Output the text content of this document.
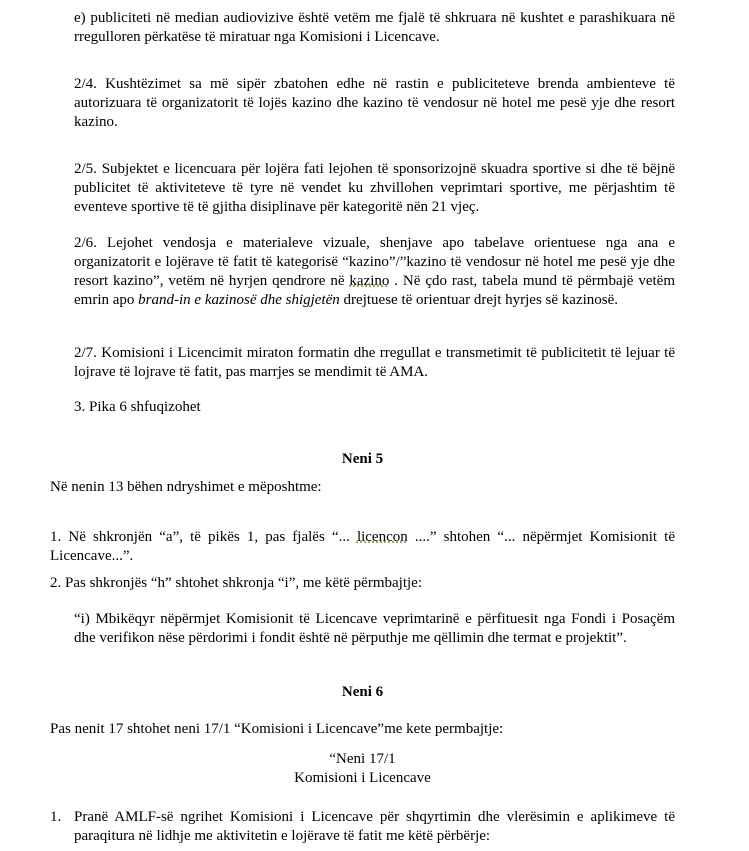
e) publiciteti në median audiovizive është vetëm me fjalë të shkruara në kushtet e parashikuara në rregulloren përkatëse të miratuar nga Komisioni i Licencave.

2/4. Kushtëzimet sa më sipër zbatohen edhe në rastin e publiciteteve brenda ambienteve të autorizuara të organizatorit të lojës kazino dhe kazino të vendosur në hotel me pesë yje dhe resort kazino.

2/5. Subjektet e licencuara për lojëra fati lejohen të sponsorizojnë skuadra sportive si dhe të bëjnë publicitet të aktiviteteve të tyre në vendet ku zhvillohen veprimtari sportive, me përjashtim të eventeve sportive të të gjitha disiplinave për kategoritë nën 21 vjeç.

2/6. Lejohet vendosja e materialeve vizuale, shenjave apo tabelave orientuese nga ana e organizatorit e lojërave të fatit të kategorisë “kazino”/”kazino të vendosur në hotel me pesë yje dhe resort kazino”, vetëm në hyrjen qendrore në kazino . Në çdo rast, tabela mund të përmbajë vetëm emrin apo brand-in e kazinosë dhe shigjetën drejtuese të orientuar drejt hyrjes së kazinosë.

2/7. Komisioni i Licencimit miraton formatin dhe rregullat e transmetimit të publicitetit të lejuar të lojrave të lojrave të fatit, pas marrjes se mendimit të AMA.

3. Pika 6 shfuqizohet

Neni 5

Në nenin 13 bëhen ndryshimet e mëposhtme:

1. Në shkronjën “a”, të pikës 1, pas fjalës “... licencon ....” shtohen “... nëpërmjet Komisionit të Licencave...”.

2. Pas shkronjës “h” shtohet shkronja “i”, me këtë përmbajtje:

“i) Mbikëqyr nëpërmjet Komisionit të Licencave veprimtarinë e përfituesit nga Fondi i Posaçëm dhe verifikon nëse përdorimi i fondit është në përputhje me qëllimin dhe termat e projektit”.

Neni 6

Pas nenit 17 shtohet neni 17/1 “Komisioni i Licencave”me kete permbajtje:

“Neni 17/1

Komisioni i Licencave

1. Pranë AMLF-së ngrihet Komisioni i Licencave për shqyrtimin dhe vlerësimin e aplikimeve të paraqitura në lidhje me aktivitetin e lojërave të fatit me këtë përbërje:
